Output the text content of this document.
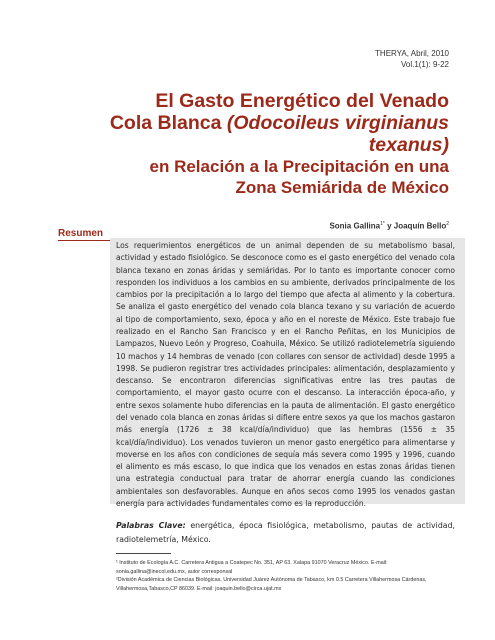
THERYA, Abril, 2010
Vol.1(1): 9-22
El Gasto Energético del Venado
Cola Blanca (Odocoileus virginianus texanus)
en Relación a la Precipitación en una
Zona Semiárida de México
Sonia Gallina$^{1*}$ y Joaquín Bello$^2$
Resumen
Los requerimientos energéticos de un animal dependen de su metabolismo basal, actividad y estado fisiológico. Se desconoce como es el gasto energético del venado cola blanca texano en zonas áridas y semiáridas. Por lo tanto es importante conocer como responden los individuos a los cambios en su ambiente, derivados principalmente de los cambios por la precipitación a lo largo del tiempo que afecta al alimento y la cobertura. Se analiza el gasto energético del venado cola blanca texano y su variación de acuerdo al tipo de comportamiento, sexo, época y año en el noreste de México. Este trabajo fue realizado en el Rancho San Francisco y en el Rancho Peñitas, en los Municipios de Lampazos, Nuevo León y Progreso, Coahuila, México. Se utilizó radiotelemetría siguiendo 10 machos y 14 hembras de venado (con collares con sensor de actividad) desde 1995 a 1998. Se pudieron registrar tres actividades principales: alimentación, desplazamiento y descanso. Se encontraron diferencias significativas entre las tres pautas de comportamiento, el mayor gasto ocurre con el descanso. La interacción época-año, y entre sexos solamente hubo diferencias en la pauta de alimentación. El gasto energético del venado cola blanca en zonas áridas si difiere entre sexos ya que los machos gastaron más energía (1726 ± 38 kcal/día/individuo) que las hembras (1556 ± 35 kcal/día/individuo). Los venados tuvieron un menor gasto energético para alimentarse y moverse en los años con condiciones de sequía más severa como 1995 y 1996, cuando el alimento es más escaso, lo que indica que los venados en estas zonas áridas tienen una estrategia conductual para tratar de ahorrar energía cuando las condiciones ambientales son desfavorables. Aunque en años secos como 1995 los venados gastan energía para actividades fundamentales como es la reproducción.
Palabras Clave: energética, época fisiológica, metabolismo, pautas de actividad, radiotelemetría, México.
¹ Instituto de Ecología A.C. Carretera Antigua a Coatepec No. 351, AP 63. Xalapa 91070 Veracruz México. E-mail: sonia.gallina@inecol.edu.mx, autor corresponsal
²División Académica de Ciencias Biológicas, Universidad Juárez Autónoma de Tabasco, km 0.5 Carretera Villahermosa Cárdenas, Villahermosa,Tabasco,CP 86039. E-mail: joaquin.bello@circa.ujat.mx
